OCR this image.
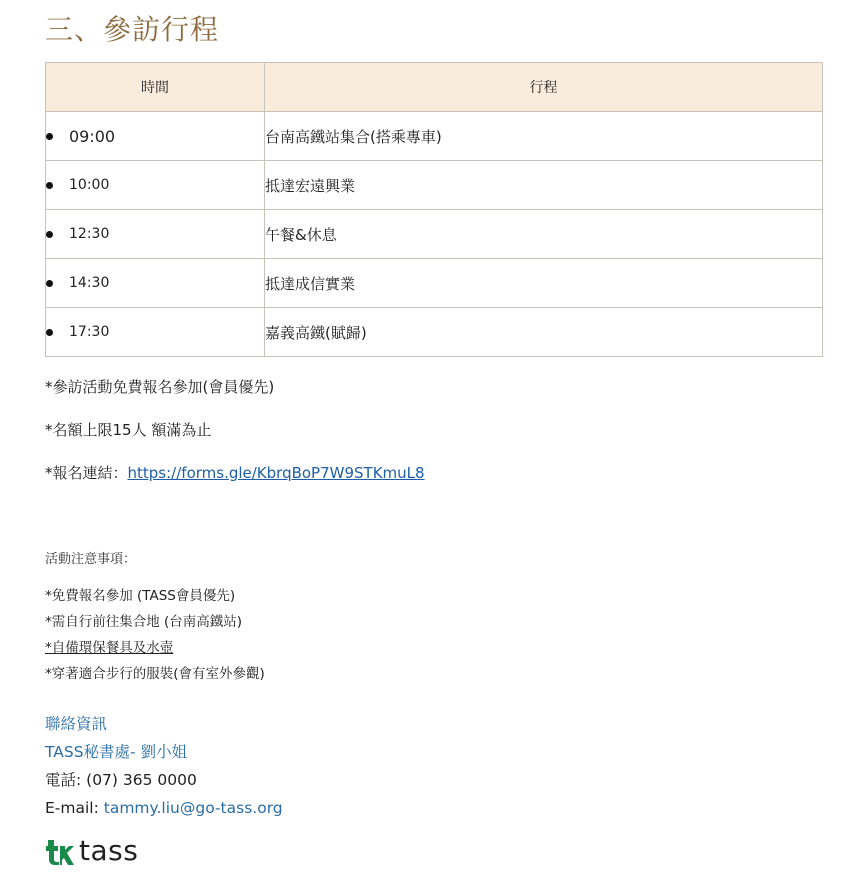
三、參訪行程
時間	行程
09:00	台南高鐵站集合(搭乘專車)
10:00	抵達宏遠興業
12:30	午餐&休息
14:30	抵達成信實業
17:30	嘉義高鐵(賦歸)
*參訪活動免費報名參加(會員優先)
*名額上限15人 額滿為止
*報名連結：https://forms.gle/KbrqBoP7W9STKmuL8
活動注意事項：
*免費報名參加 (TASS會員優先)
*需自行前往集合地 (台南高鐵站)
*自備環保餐具及水壺
*穿著適合步行的服裝(會有室外參觀)
聯絡資訊
TASS秘書處- 劉小姐
電話: (07) 365 0000
E-mail: tammy.liu@go-tass.org
tass
